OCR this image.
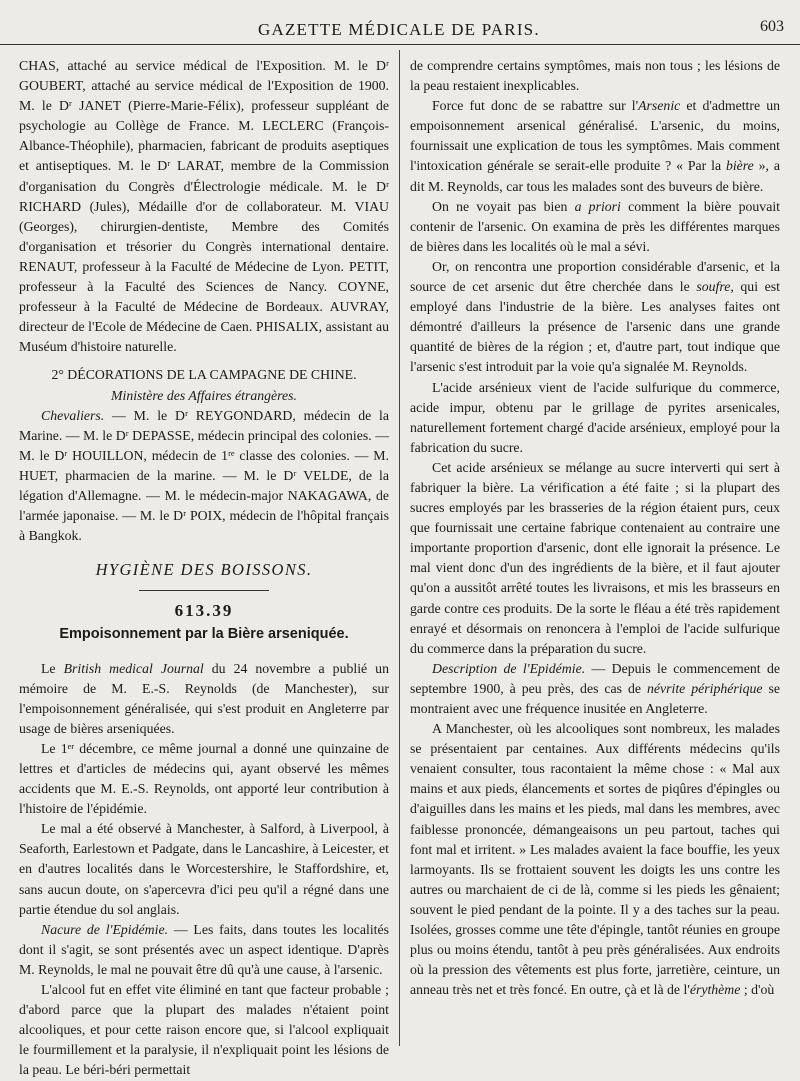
GAZETTE MÉDICALE DE PARIS.	603

CHAS, attaché au service médical de l'Exposition. M. le Dʳ GOUBERT, attaché au service médical de l'Exposition de 1900. M. le Dʳ JANET (Pierre-Marie-Félix), professeur suppléant de psychologie au Collège de France. M. LECLERC (François-Albance-Théophile), pharmacien, fabricant de produits aseptiques et antiseptiques. M. le Dʳ LARAT, membre de la Commission d'organisation du Congrès d'Électrologie médicale. M. le Dʳ RICHARD (Jules), Médaille d'or de collaborateur. M. VIAU (Georges), chirurgien-dentiste, Membre des Comités d'organisation et trésorier du Congrès international dentaire. RENAUT, professeur à la Faculté de Médecine de Lyon. PETIT, professeur à la Faculté des Sciences de Nancy. COYNE, professeur à la Faculté de Médecine de Bordeaux. AUVRAY, directeur de l'Ecole de Médecine de Caen. PHISALIX, assistant au Muséum d'histoire naturelle.

2° DÉCORATIONS DE LA CAMPAGNE DE CHINE.

Ministère des Affaires étrangères.

Chevaliers. — M. le Dʳ REYGONDARD, médecin de la Marine. — M. le Dʳ DEPASSE, médecin principal des colonies. — M. le Dʳ HOUILLON, médecin de 1ʳᵉ classe des colonies. — M. HUET, pharmacien de la marine. — M. le Dʳ VELDE, de la légation d'Allemagne. — M. le médecin-major NAKAGAWA, de l'armée japonaise. — M. le Dʳ POIX, médecin de l'hôpital français à Bangkok.

HYGIÈNE DES BOISSONS.
613.39
Empoisonnement par la Bière arseniquée.

Le British medical Journal du 24 novembre a publié un mémoire de M. E.-S. Reynolds (de Manchester), sur l'empoisonnement généralisée, qui s'est produit en Angleterre par usage de bières arseniquées.

Le 1ᵉʳ décembre, ce même journal a donné une quinzaine de lettres et d'articles de médecins qui, ayant observé les mêmes accidents que M. E.-S. Reynolds, ont apporté leur contribution à l'histoire de l'épidémie.

Le mal a été observé à Manchester, à Salford, à Liverpool, à Seaforth, Earlestown et Padgate, dans le Lancashire, à Leicester, et en d'autres localités dans le Worcestershire, le Staffordshire, et, sans aucun doute, on s'apercevra d'ici peu qu'il a régné dans une partie étendue du sol anglais.

Nacure de l'Epidémie. — Les faits, dans toutes les localités dont il s'agit, se sont présentés avec un aspect identique. D'après M. Reynolds, le mal ne pouvait être dû qu'à une cause, à l'arsenic.

L'alcool fut en effet vite éliminé en tant que facteur probable ; d'abord parce que la plupart des malades n'étaient point alcooliques, et pour cette raison encore que, si l'alcool expliquait le fourmillement et la paralysie, il n'expliquait point les lésions de la peau. Le béri-béri permettait

de comprendre certains symptômes, mais non tous ; les lésions de la peau restaient inexplicables.

Force fut donc de se rabattre sur l'Arsenic et d'admettre un empoisonnement arsenical généralisé. L'arsenic, du moins, fournissait une explication de tous les symptômes. Mais comment l'intoxication générale se serait-elle produite ? « Par la bière », a dit M. Reynolds, car tous les malades sont des buveurs de bière.

On ne voyait pas bien a priori comment la bière pouvait contenir de l'arsenic. On examina de près les différentes marques de bières dans les localités où le mal a sévi.

Or, on rencontra une proportion considérable d'arsenic, et la source de cet arsenic dut être cherchée dans le soufre, qui est employé dans l'industrie de la bière. Les analyses faites ont démontré d'ailleurs la présence de l'arsenic dans une grande quantité de bières de la région ; et, d'autre part, tout indique que l'arsenic s'est introduit par la voie qu'a signalée M. Reynolds.

L'acide arsénieux vient de l'acide sulfurique du commerce, acide impur, obtenu par le grillage de pyrites arsenicales, naturellement fortement chargé d'acide arsénieux, employé pour la fabrication du sucre.

Cet acide arsénieux se mélange au sucre interverti qui sert à fabriquer la bière. La vérification a été faite ; si la plupart des sucres employés par les brasseries de la région étaient purs, ceux que fournissait une certaine fabrique contenaient au contraire une importante proportion d'arsenic, dont elle ignorait la présence. Le mal vient donc d'un des ingrédients de la bière, et il faut ajouter qu'on a aussitôt arrêté toutes les livraisons, et mis les brasseurs en garde contre ces produits. De la sorte le fléau a été très rapidement enrayé et désormais on renoncera à l'emploi de l'acide sulfurique du commerce dans la préparation du sucre.

Description de l'Epidémie. — Depuis le commencement de septembre 1900, à peu près, des cas de névrite périphérique se montraient avec une fréquence inusitée en Angleterre.

A Manchester, où les alcooliques sont nombreux, les malades se présentaient par centaines. Aux différents médecins qu'ils venaient consulter, tous racontaient la même chose : « Mal aux mains et aux pieds, élancements et sortes de piqûres d'épingles ou d'aiguilles dans les mains et les pieds, mal dans les membres, avec faiblesse prononcée, démangeaisons un peu partout, taches qui font mal et irritent. » Les malades avaient la face bouffie, les yeux larmoyants. Ils se frottaient souvent les doigts les uns contre les autres ou marchaient de ci de là, comme si les pieds les gênaient; souvent le pied pendant de la pointe. Il y a des taches sur la peau. Isolées, grosses comme une tête d'épingle, tantôt réunies en groupe plus ou moins étendu, tantôt à peu près généralisées. Aux endroits où la pression des vêtements est plus forte, jarretière, ceinture, un anneau très net et très foncé. En outre, çà et là de l'érythème ; d'où
